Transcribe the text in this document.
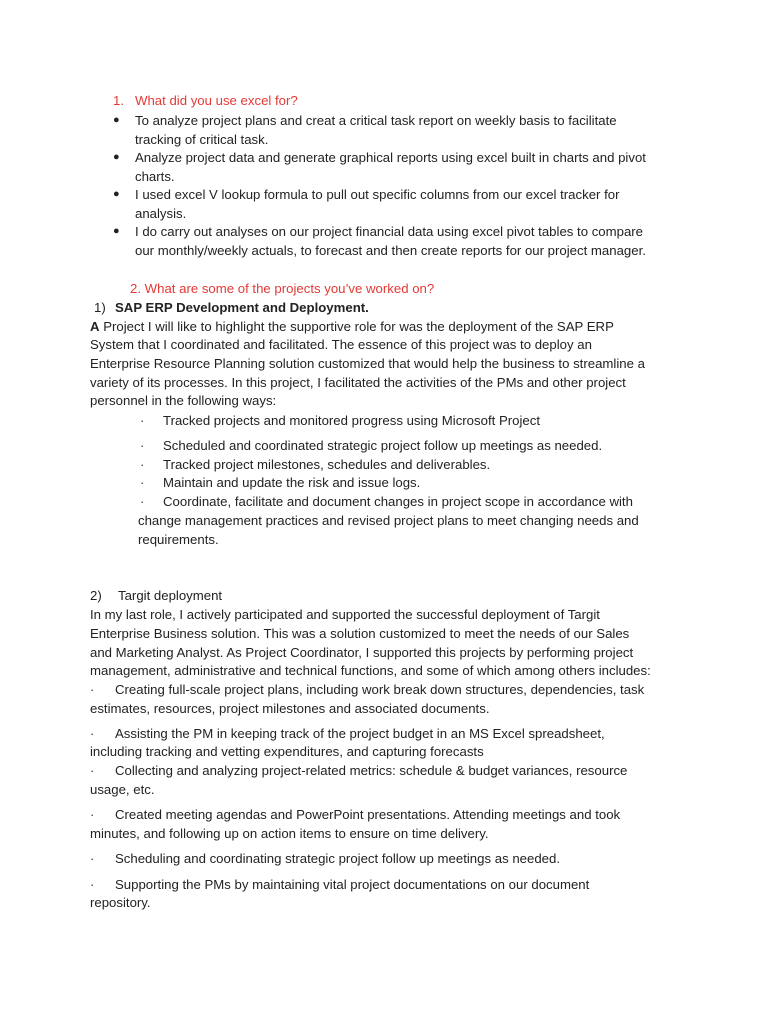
1. What did you use excel for?
● To analyze project plans and creat a critical task report on weekly basis to facilitate
tracking of critical task.
● Analyze project data and generate graphical reports using excel built in charts and pivot
charts.
● I used excel V lookup formula to pull out specific columns from our excel tracker for
analysis.
● I do carry out analyses on our project financial data using excel pivot tables to compare
our monthly/weekly actuals, to forecast and then create reports for our project manager.
2. What are some of the projects you’ve worked on?
1) SAP ERP Development and Deployment.
A Project I will like to highlight the supportive role for was the deployment of the SAP ERP
System that I coordinated and facilitated. The essence of this project was to deploy an
Enterprise Resource Planning solution customized that would help the business to streamline a
variety of its processes. In this project, I facilitated the activities of the PMs and other project
personnel in the following ways:
· Tracked projects and monitored progress using Microsoft Project
· Scheduled and coordinated strategic project follow up meetings as needed.
· Tracked project milestones, schedules and deliverables.
· Maintain and update the risk and issue logs.
· Coordinate, facilitate and document changes in project scope in accordance with
change management practices and revised project plans to meet changing needs and
requirements.
2) Targit deployment
In my last role, I actively participated and supported the successful deployment of Targit
Enterprise Business solution. This was a solution customized to meet the needs of our Sales
and Marketing Analyst. As Project Coordinator, I supported this projects by performing project
management, administrative and technical functions, and some of which among others includes:
· Creating full-scale project plans, including work break down structures, dependencies, task
estimates, resources, project milestones and associated documents.
· Assisting the PM in keeping track of the project budget in an MS Excel spreadsheet,
including tracking and vetting expenditures, and capturing forecasts
· Collecting and analyzing project-related metrics: schedule & budget variances, resource
usage, etc.
· Created meeting agendas and PowerPoint presentations. Attending meetings and took
minutes, and following up on action items to ensure on time delivery.
· Scheduling and coordinating strategic project follow up meetings as needed.
· Supporting the PMs by maintaining vital project documentations on our document
repository.
